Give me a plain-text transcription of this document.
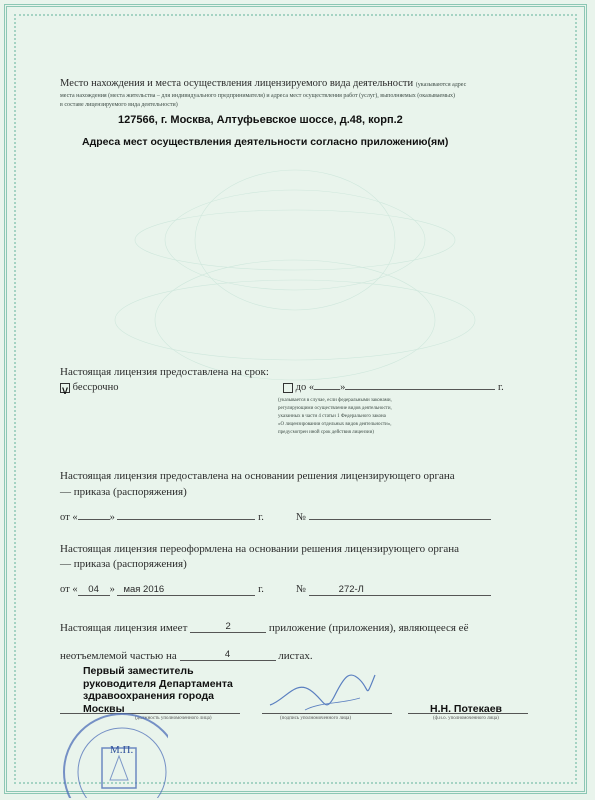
Место нахождения и места осуществления лицензируемого вида деятельности (указываются адрес
места нахождения (места жительства – для индивидуального предпринимателя) и адреса мест осуществления работ (услуг), выполняемых (оказываемых)
в составе лицензируемого вида деятельности)
127566, г. Москва, Алтуфьевское шоссе, д.48, корп.2
Адреса мест осуществления деятельности согласно приложению(ям)
Настоящая лицензия предоставлена на срок:
V бессрочно	до « »	г.
(указывается в случае, если федеральными законами,
регулирующими осуществление видов деятельности,
указанных в части 4 статьи 1 Федерального закона
«О лицензировании отдельных видов деятельности»,
предусмотрен иной срок действия лицензии)
Настоящая лицензия предоставлена на основании решения лицензирующего органа
— приказа (распоряжения)
от «	»	г.	№
Настоящая лицензия переоформлена на основании решения лицензирующего органа
— приказа (распоряжения)
от « 04 » мая 2016	г.	№	272-Л
Настоящая лицензия имеет	2	приложение (приложения), являющееся её
неотъемлемой частью на	4	листах.
Первый заместитель
руководителя Департамента
здравоохранения города
Москвы
(должность уполномоченного лица)	(подпись уполномоченного лица)
Н.Н. Потекаев
(ф.и.о. уполномоченного лица)
М.П.
